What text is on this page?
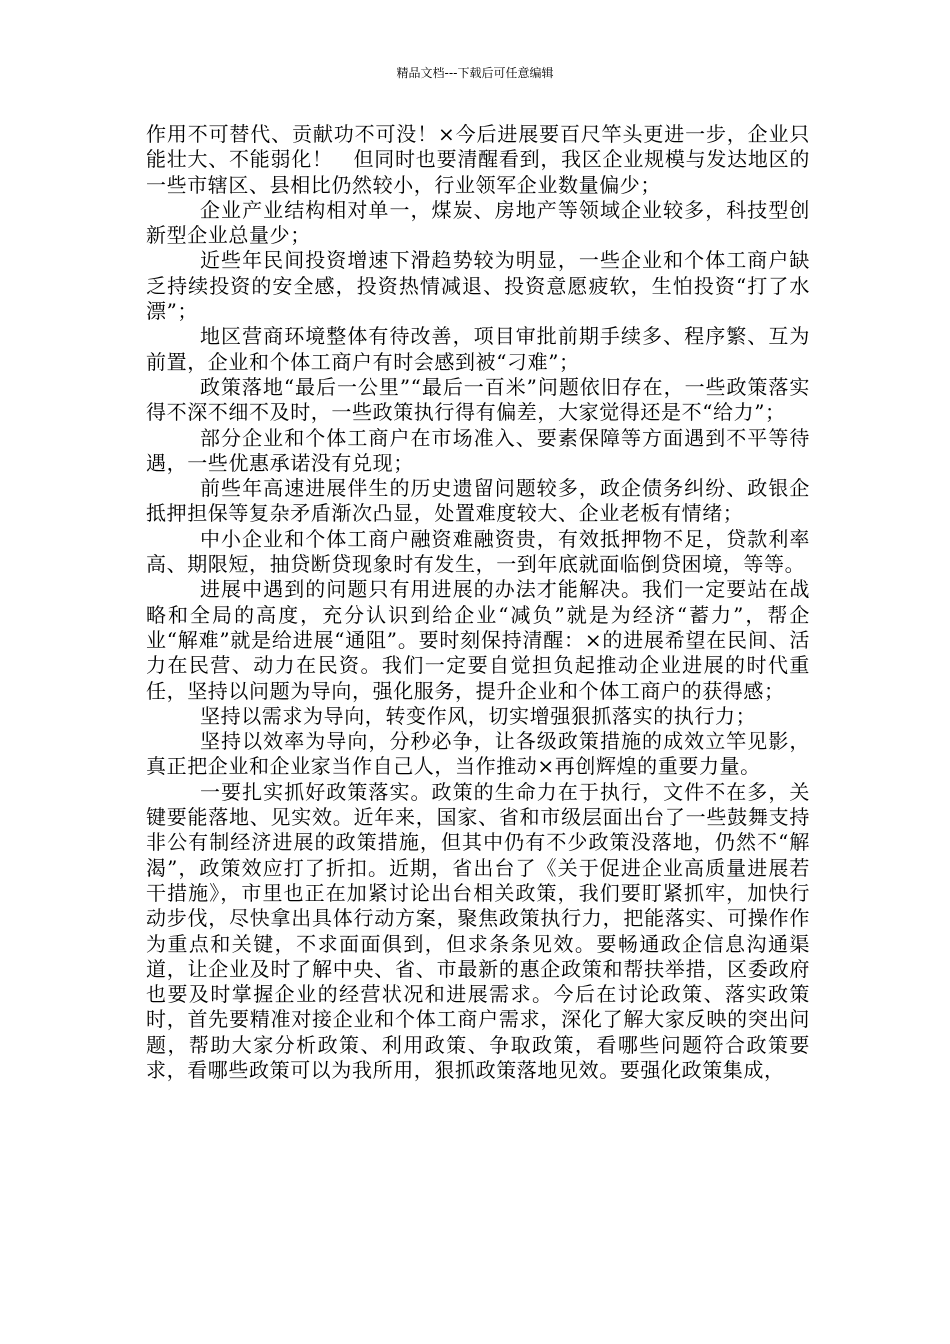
精品文档---下载后可任意编辑

作用不可替代、贡献功不可没！×今后进展要百尺竿头更进一步，企业只能壮大、不能弱化！　但同时也要清醒看到，我区企业规模与发达地区的一些市辖区、县相比仍然较小，行业领军企业数量偏少；

企业产业结构相对单一，煤炭、房地产等领域企业较多，科技型创新型企业总量少；

近些年民间投资增速下滑趋势较为明显，一些企业和个体工商户缺乏持续投资的安全感，投资热情减退、投资意愿疲软，生怕投资“打了水漂”；

地区营商环境整体有待改善，项目审批前期手续多、程序繁、互为前置，企业和个体工商户有时会感到被“刁难”；

政策落地“最后一公里”“最后一百米”问题依旧存在，一些政策落实得不深不细不及时，一些政策执行得有偏差，大家觉得还是不“给力”；

部分企业和个体工商户在市场准入、要素保障等方面遇到不平等待遇，一些优惠承诺没有兑现；

前些年高速进展伴生的历史遗留问题较多，政企债务纠纷、政银企抵押担保等复杂矛盾渐次凸显，处置难度较大、企业老板有情绪；

中小企业和个体工商户融资难融资贵，有效抵押物不足，贷款利率高、期限短，抽贷断贷现象时有发生，一到年底就面临倒贷困境，等等。

进展中遇到的问题只有用进展的办法才能解决。我们一定要站在战略和全局的高度，充分认识到给企业“减负”就是为经济“蓄力”，帮企业“解难”就是给进展“通阻”。要时刻保持清醒：×的进展希望在民间、活力在民营、动力在民资。我们一定要自觉担负起推动企业进展的时代重任，坚持以问题为导向，强化服务，提升企业和个体工商户的获得感；

坚持以需求为导向，转变作风，切实增强狠抓落实的执行力；

坚持以效率为导向，分秒必争，让各级政策措施的成效立竿见影，真正把企业和企业家当作自己人，当作推动×再创辉煌的重要力量。

一要扎实抓好政策落实。政策的生命力在于执行，文件不在多，关键要能落地、见实效。近年来，国家、省和市级层面出台了一些鼓舞支持非公有制经济进展的政策措施，但其中仍有不少政策没落地，仍然不“解渴”，政策效应打了折扣。近期，省出台了《关于促进企业高质量进展若干措施》，市里也正在加紧讨论出台相关政策，我们要盯紧抓牢，加快行动步伐，尽快拿出具体行动方案，聚焦政策执行力，把能落实、可操作作为重点和关键，不求面面俱到，但求条条见效。要畅通政企信息沟通渠道，让企业及时了解中央、省、市最新的惠企政策和帮扶举措，区委政府也要及时掌握企业的经营状况和进展需求。今后在讨论政策、落实政策时，首先要精准对接企业和个体工商户需求，深化了解大家反映的突出问题，帮助大家分析政策、利用政策、争取政策，看哪些问题符合政策要求，看哪些政策可以为我所用，狠抓政策落地见效。要强化政策集成，
